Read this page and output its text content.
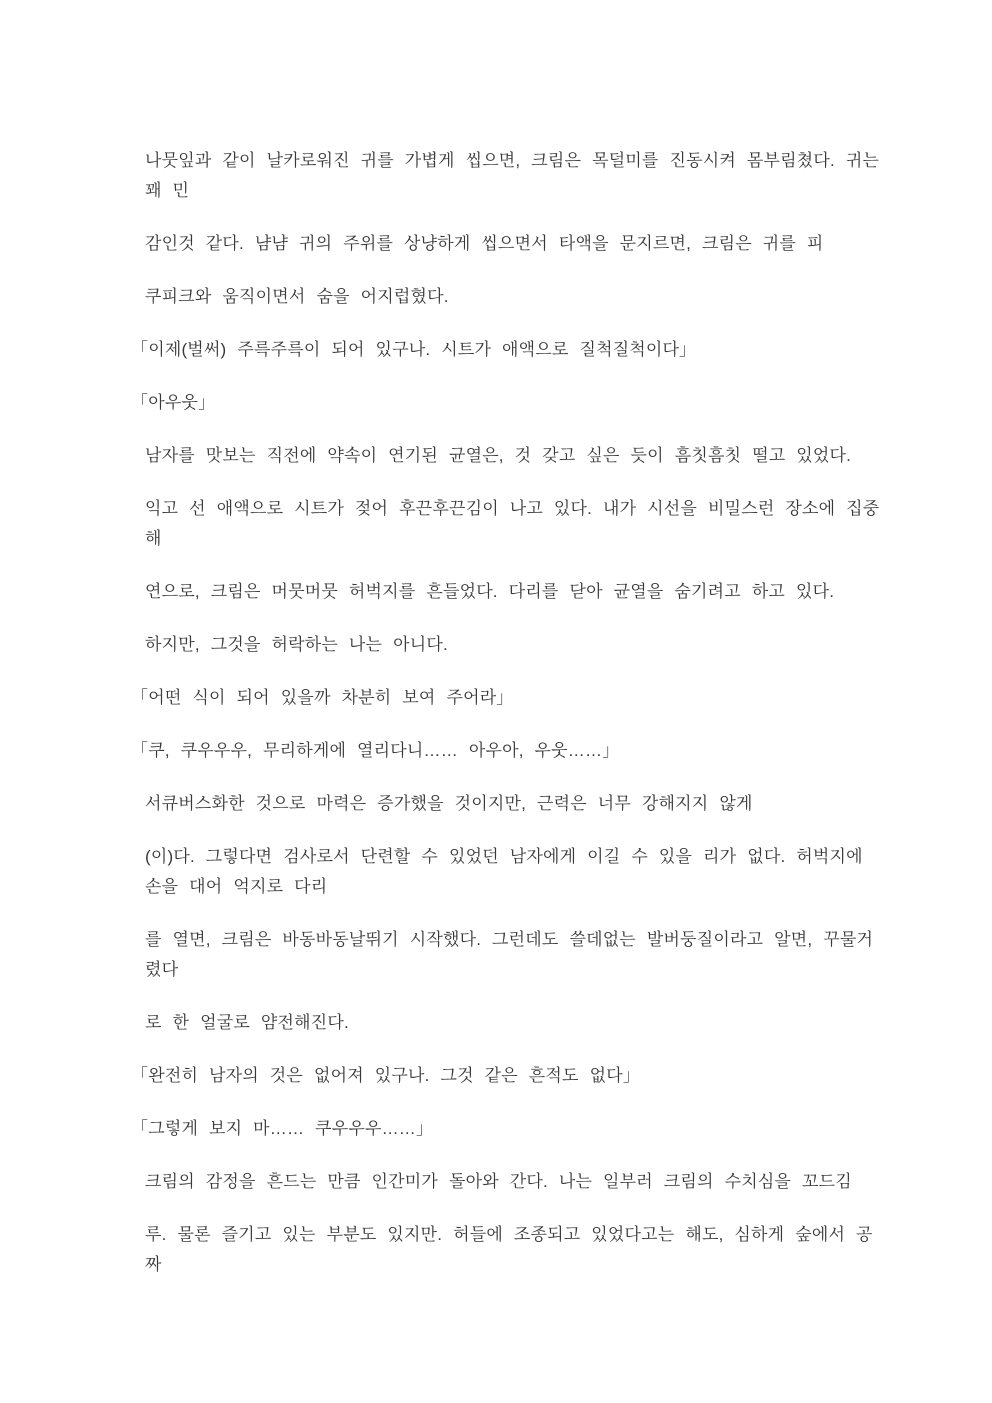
나뭇잎과 같이 날카로워진 귀를 가볍게 씹으면, 크림은 목덜미를 진동시켜 몸부림쳤다. 귀는 꽤 민

감인것 같다. 냠냠 귀의 주위를 상냥하게 씹으면서 타액을 문지르면, 크림은 귀를 피

쿠피크와 움직이면서 숨을 어지럽혔다.

「이제(벌써) 주륵주륵이 되어 있구나. 시트가 애액으로 질척질척이다」

「아우웃」

남자를 맛보는 직전에 약속이 연기된 균열은, 것 갖고 싶은 듯이 흠칫흠칫 떨고 있었다.

익고 선 애액으로 시트가 젖어 후끈후끈김이 나고 있다. 내가 시선을 비밀스런 장소에 집중해

연으로, 크림은 머뭇머뭇 허벅지를 흔들었다. 다리를 닫아 균열을 숨기려고 하고 있다.

하지만, 그것을 허락하는 나는 아니다.

「어떤 식이 되어 있을까 차분히 보여 주어라」

「쿠, 쿠우우우, 무리하게에 열리다니…… 아우아, 우웃……」

서큐버스화한 것으로 마력은 증가했을 것이지만, 근력은 너무 강해지지 않게

(이)다. 그렇다면 검사로서 단련할 수 있었던 남자에게 이길 수 있을 리가 없다. 허벅지에 손을 대어 억지로 다리

를 열면, 크림은 바동바동날뛰기 시작했다. 그런데도 쓸데없는 발버둥질이라고 알면, 꾸물거렸다

로 한 얼굴로 얌전해진다.

「완전히 남자의 것은 없어져 있구나. 그것 같은 흔적도 없다」

「그렇게 보지 마…… 쿠우우우……」

크림의 감정을 흔드는 만큼 인간미가 돌아와 간다. 나는 일부러 크림의 수치심을 꼬드김

루. 물론 즐기고 있는 부분도 있지만. 허들에 조종되고 있었다고는 해도, 심하게 숲에서 공짜
